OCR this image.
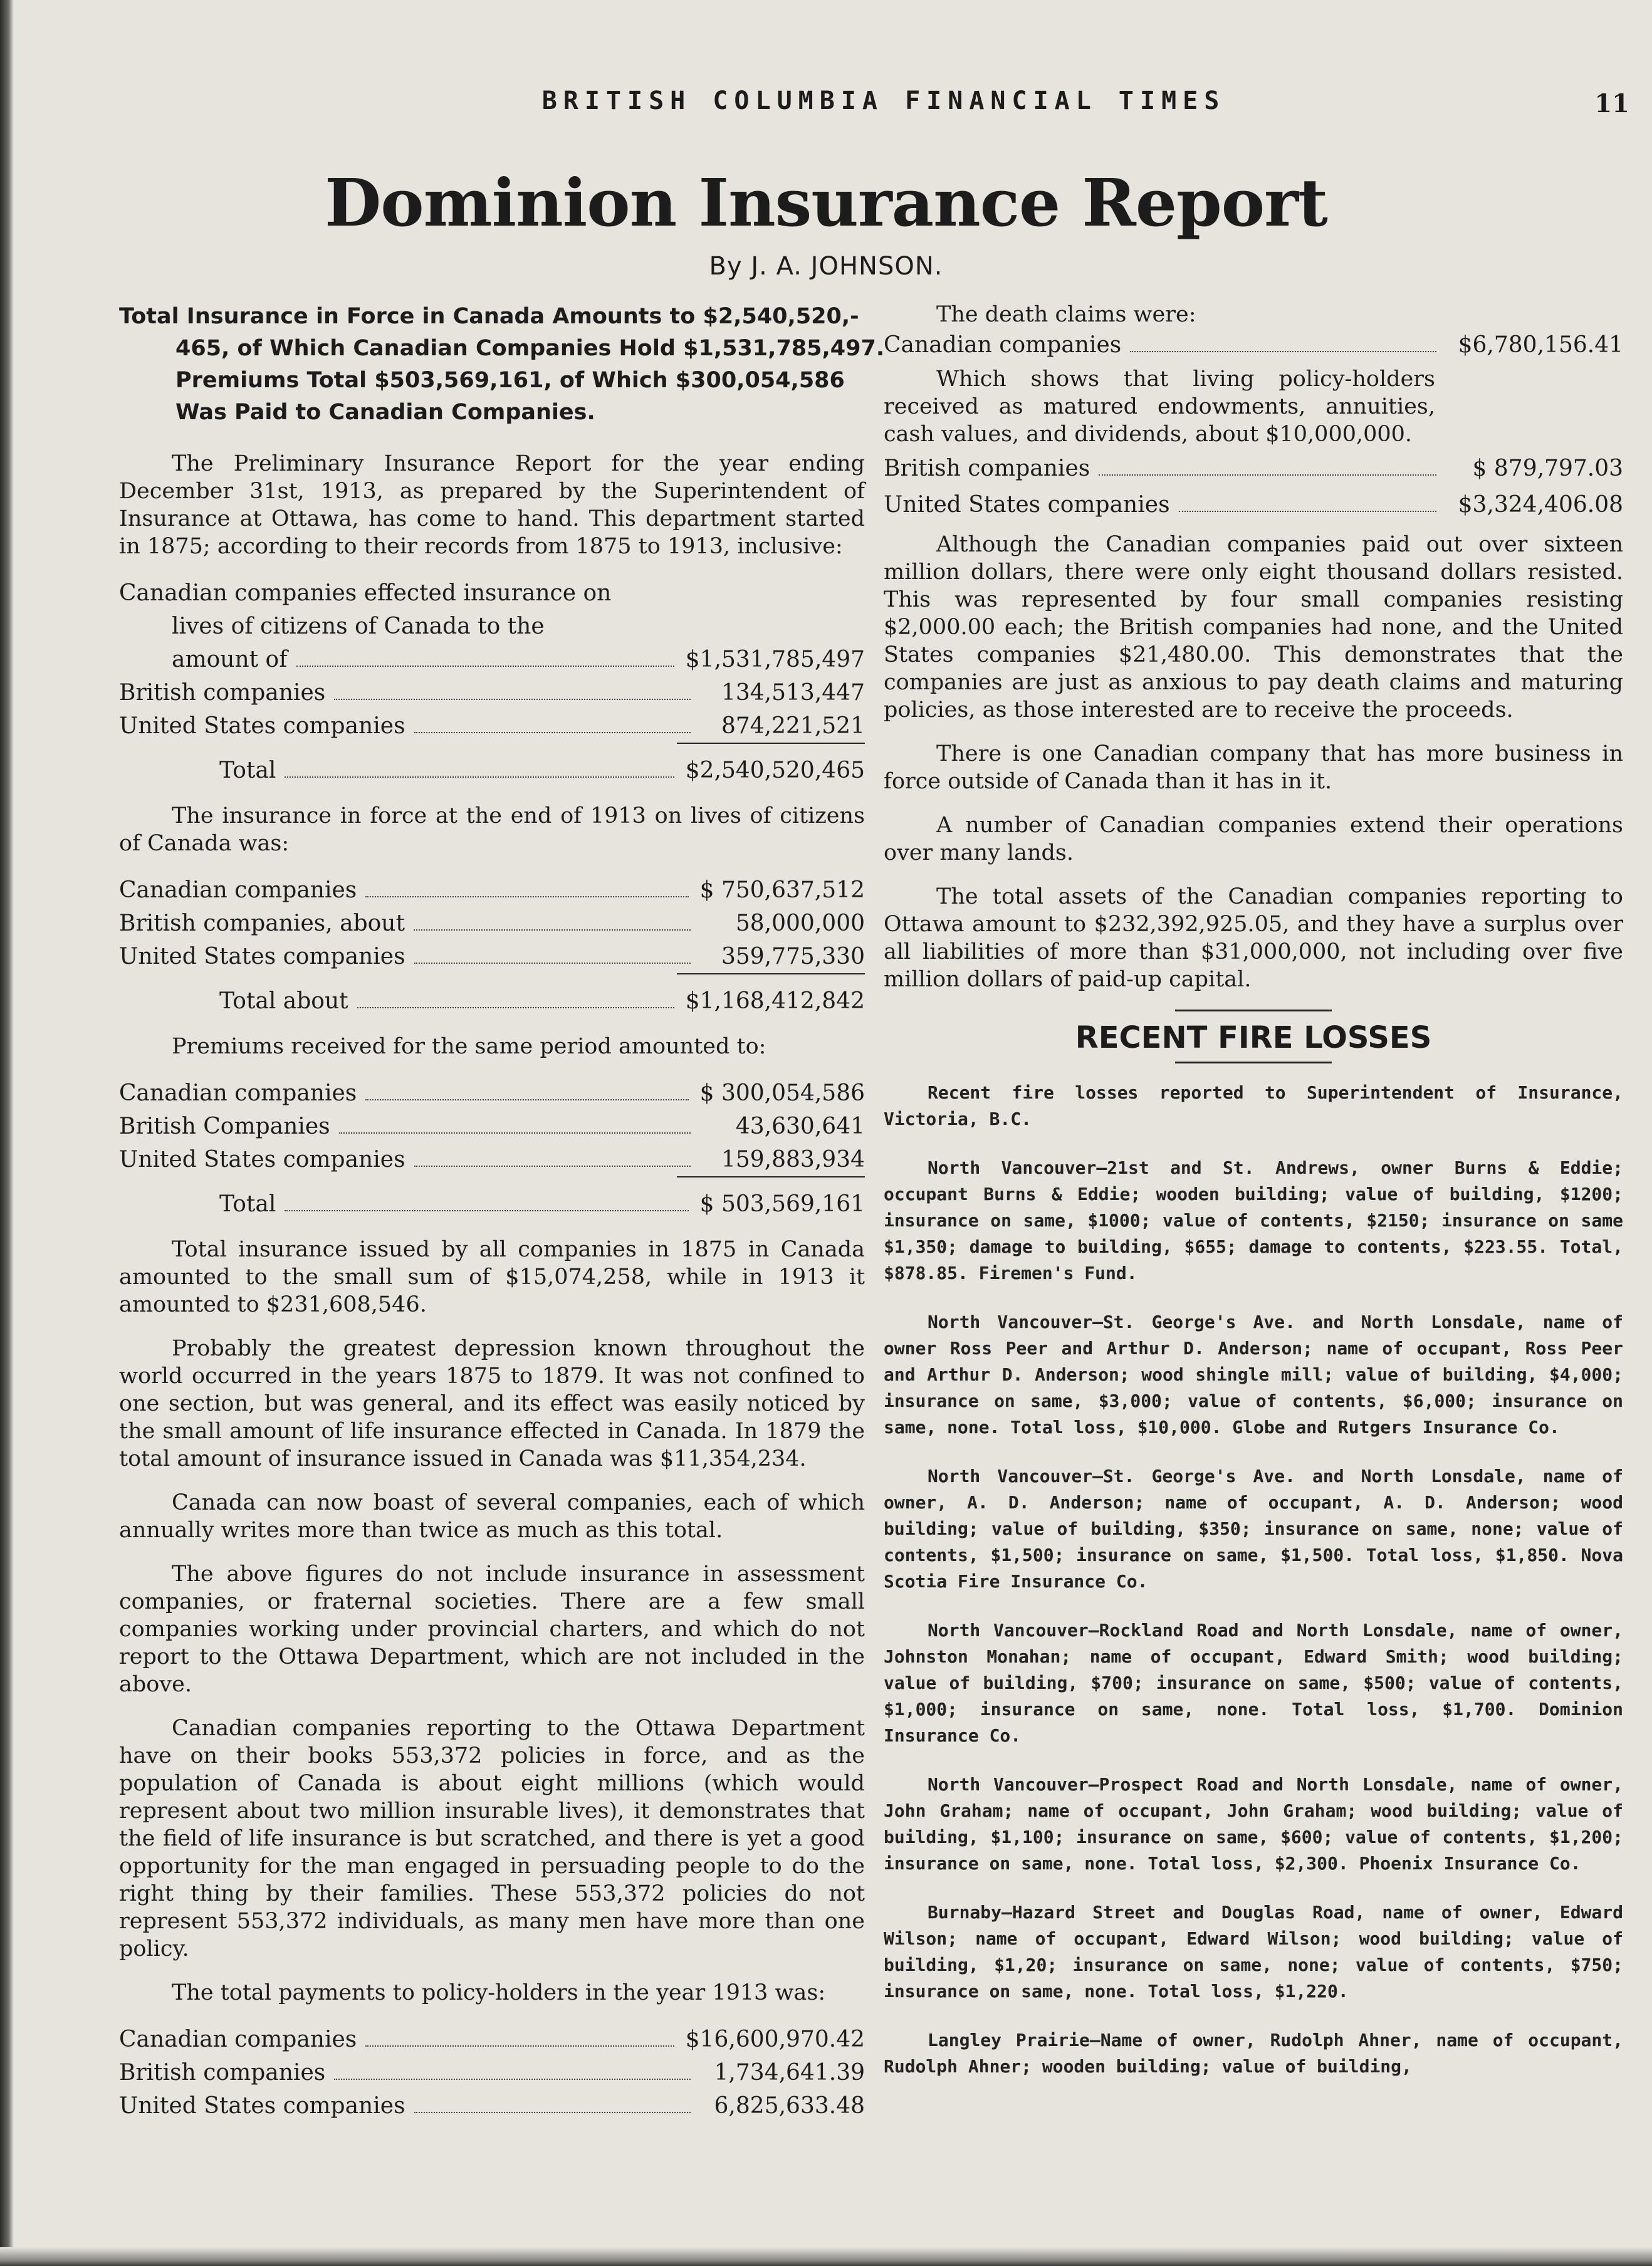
BRITISH COLUMBIA FINANCIAL TIMES	11
Dominion Insurance Report
By J. A. JOHNSON.
Total Insurance in Force in Canada Amounts to $2,540,520,-
465, of Which Canadian Companies Hold $1,531,785,497.
Premiums Total $503,569,161, of Which $300,054,586
Was Paid to Canadian Companies.

The Preliminary Insurance Report for the year ending December 31st, 1913, as prepared by the Superintendent of Insurance at Ottawa, has come to hand. This department started in 1875; according to their records from 1875 to 1913, inclusive:

Canadian companies effected insurance on
lives of citizens of Canada to the
amount of	$1,531,785,497
British companies	134,513,447
United States companies	874,221,521
Total	$2,540,520,465

The insurance in force at the end of 1913 on lives of citizens of Canada was:

Canadian companies	$ 750,637,512
British companies, about	58,000,000
United States companies	359,775,330
Total about	$1,168,412,842

Premiums received for the same period amounted to:

Canadian companies	$ 300,054,586
British Companies	43,630,641
United States companies	159,883,934
Total	$ 503,569,161

Total insurance issued by all companies in 1875 in Canada amounted to the small sum of $15,074,258, while in 1913 it amounted to $231,608,546.

Probably the greatest depression known throughout the world occurred in the years 1875 to 1879. It was not confined to one section, but was general, and its effect was easily noticed by the small amount of life insurance effected in Canada. In 1879 the total amount of insurance issued in Canada was $11,354,234.

Canada can now boast of several companies, each of which annually writes more than twice as much as this total.

The above figures do not include insurance in assessment companies, or fraternal societies. There are a few small companies working under provincial charters, and which do not report to the Ottawa Department, which are not included in the above.

Canadian companies reporting to the Ottawa Department have on their books 553,372 policies in force, and as the population of Canada is about eight millions (which would represent about two million insurable lives), it demonstrates that the field of life insurance is but scratched, and there is yet a good opportunity for the man engaged in persuading people to do the right thing by their families. These 553,372 policies do not represent 553,372 individuals, as many men have more than one policy.

The total payments to policy-holders in the year 1913 was:

Canadian companies	$16,600,970.42
British companies	1,734,641.39
United States companies	6,825,633.48

The death claims were:

Canadian companies	$6,780,156.41

Which shows that living policy-holders received as matured endowments, annuities, cash values, and dividends, about $10,000,000.

British companies	$ 879,797.03
United States companies	$3,324,406.08

Although the Canadian companies paid out over sixteen million dollars, there were only eight thousand dollars resisted. This was represented by four small companies resisting $2,000.00 each; the British companies had none, and the United States companies $21,480.00. This demonstrates that the companies are just as anxious to pay death claims and maturing policies, as those interested are to receive the proceeds.

There is one Canadian company that has more business in force outside of Canada than it has in it.

A number of Canadian companies extend their operations over many lands.

The total assets of the Canadian companies reporting to Ottawa amount to $232,392,925.05, and they have a surplus over all liabilities of more than $31,000,000, not including over five million dollars of paid-up capital.

RECENT FIRE LOSSES

Recent fire losses reported to Superintendent of Insurance, Victoria, B.C.

North Vancouver—21st and St. Andrews, owner Burns & Eddie; occupant Burns & Eddie; wooden building; value of building, $1200; insurance on same, $1000; value of contents, $2150; insurance on same $1,350; damage to building, $655; damage to contents, $223.55. Total, $878.85. Firemen's Fund.

North Vancouver—St. George's Ave. and North Lonsdale, name of owner Ross Peer and Arthur D. Anderson; name of occupant, Ross Peer and Arthur D. Anderson; wood shingle mill; value of building, $4,000; insurance on same, $3,000; value of contents, $6,000; insurance on same, none. Total loss, $10,000. Globe and Rutgers Insurance Co.

North Vancouver—St. George's Ave. and North Lonsdale, name of owner, A. D. Anderson; name of occupant, A. D. Anderson; wood building; value of building, $350; insurance on same, none; value of contents, $1,500; insurance on same, $1,500. Total loss, $1,850. Nova Scotia Fire Insurance Co.

North Vancouver—Rockland Road and North Lonsdale, name of owner, Johnston Monahan; name of occupant, Edward Smith; wood building; value of building, $700; insurance on same, $500; value of contents, $1,000; insurance on same, none. Total loss, $1,700. Dominion Insurance Co.

North Vancouver—Prospect Road and North Lonsdale, name of owner, John Graham; name of occupant, John Graham; wood building; value of building, $1,100; insurance on same, $600; value of contents, $1,200; insurance on same, none. Total loss, $2,300. Phoenix Insurance Co.

Burnaby—Hazard Street and Douglas Road, name of owner, Edward Wilson; name of occupant, Edward Wilson; wood building; value of building, $1,20; insurance on same, none; value of contents, $750; insurance on same, none. Total loss, $1,220.

Langley Prairie—Name of owner, Rudolph Ahner, name of occupant, Rudolph Ahner; wooden building; value of building,
